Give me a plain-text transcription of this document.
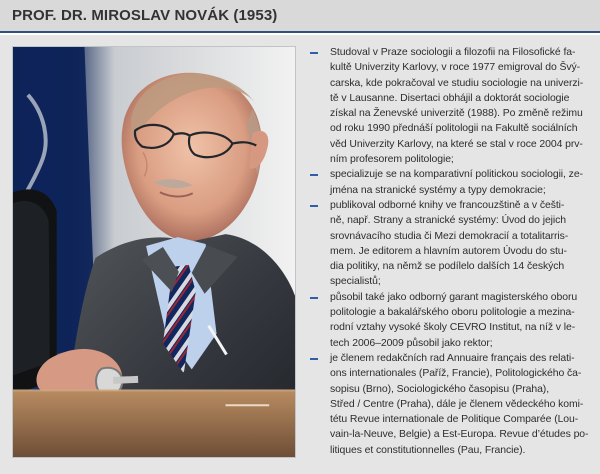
PROF. DR. MIROSLAV NOVÁK (1953)
Studoval v Praze sociologii a filozofii na Filosofické fa-
kultě Univerzity Karlovy, v roce 1977 emigroval do Švý-
carska, kde pokračoval ve studiu sociologie na univerzi-
tě v Lausanne. Disertaci obhájil a doktorát sociologie
získal na Ženevské univerzitě (1988). Po změně režimu
od roku 1990 přednáší politologii na Fakultě sociálních
věd Univerzity Karlovy, na které se stal v roce 2004 prv-
ním profesorem politologie;
specializuje se na komparativní politickou sociologii, ze-
jména na stranické systémy a typy demokracie;
publikoval odborné knihy ve francouzštině a v češti-
ně, např. Strany a stranické systémy: Úvod do jejich
srovnávacího studia či Mezi demokracií a totalitarris-
mem. Je editorem a hlavním autorem Úvodu do stu-
dia politiky, na němž se podílelo dalších 14 českých
specialistů;
působil také jako odborný garant magisterského oboru
politologie a bakalářského oboru politologie a mezina-
rodní vztahy vysoké školy CEVRO Institut, na níž v le-
tech 2006–2009 působil jako rektor;
je členem redakčních rad Annuaire français des relati-
ons internationales (Paříž, Francie), Politologického ča-
sopisu (Brno), Sociologického časopisu (Praha),
Střed / Centre (Praha), dále je členem vědeckého komi-
tétu Revue internationale de Politique Comparée (Lou-
vain-la-Neuve, Belgie) a Est-Europa. Revue d’études po-
litiques et constitutionnelles (Pau, Francie).
